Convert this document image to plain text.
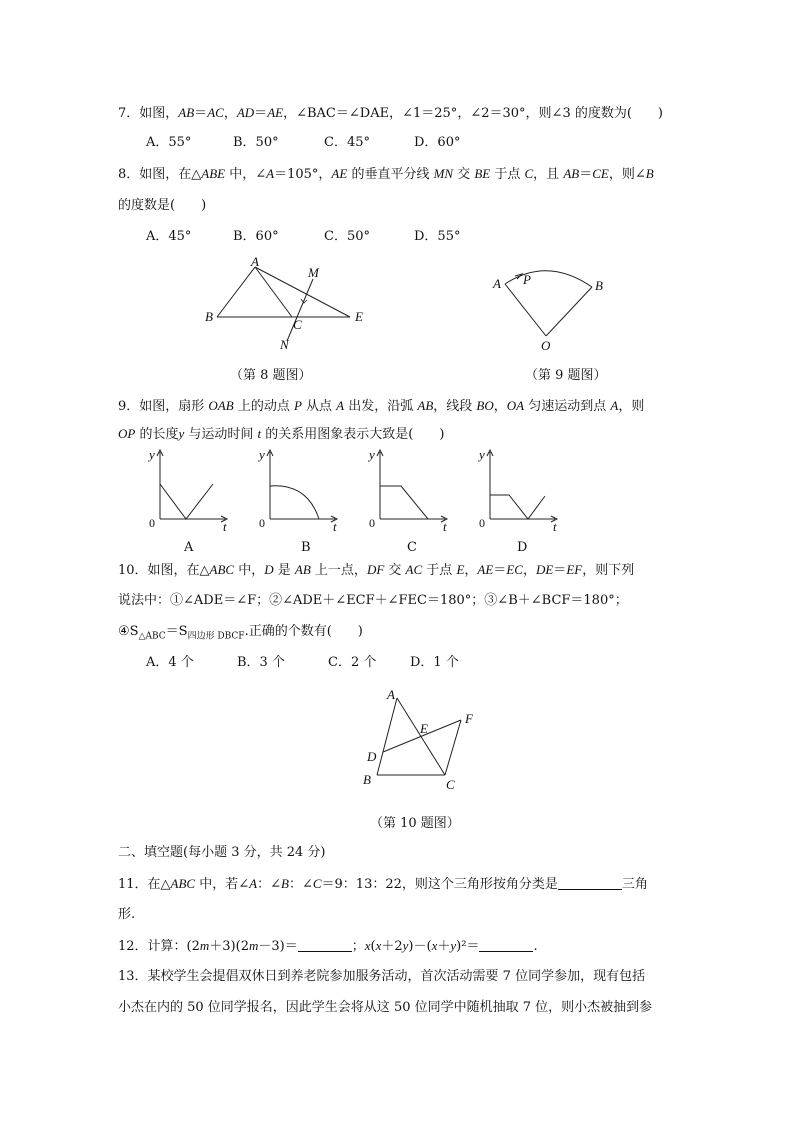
7．如图，AB＝AC，AD＝AE，∠BAC＝∠DAE，∠1＝25°，∠2＝30°，则∠3 的度数为(　　)
A．55°	B．50°	C．45°	D．60°
8．如图，在△ABE 中，∠A＝105°，AE 的垂直平分线 MN 交 BE 于点 C，且 AB＝CE，则∠B
的度数是(　　)
A．45°	B．60°	C．50°	D．55°
A
M
B
C
E
N
（第 8 题图）
A P	B
O
（第 9 题图）
9．如图，扇形 OAB 上的动点 P 从点 A 出发，沿弧 AB，线段 BO，OA 匀速运动到点 A，则
OP 的长度y 与运动时间 t 的关系用图象表示大致是(　　)
y
0	t
A
y
0	t
B
y
0	t
C
y
0	t
D
10．如图，在△ABC 中，D 是 AB 上一点，DF 交 AC 于点 E，AE＝EC，DE＝EF，则下列
说法中：①∠ADE＝∠F；②∠ADE＋∠ECF＋∠FEC＝180°；③∠B＋∠BCF＝180°；
$④S_{\triangle ABC}=S_{四边形 DBCF}$.正确的个数有(　　)
A．4 个	B．3 个	C．2 个	D．1 个
A
E
F
D
B	C
（第 10 题图）
二、填空题(每小题 3 分，共 24 分)
11．在△ABC 中，若∠A：∠B：∠C＝9：13：22，则这个三角形按角分类是	三角
形.
12．计算：(2m＋3)(2m－3)＝	；x(x＋2y)－(x＋y)²＝	.
13．某校学生会提倡双休日到养老院参加服务活动，首次活动需要 7 位同学参加，现有包括
小杰在内的 50 位同学报名，因此学生会将从这 50 位同学中随机抽取 7 位，则小杰被抽到参
